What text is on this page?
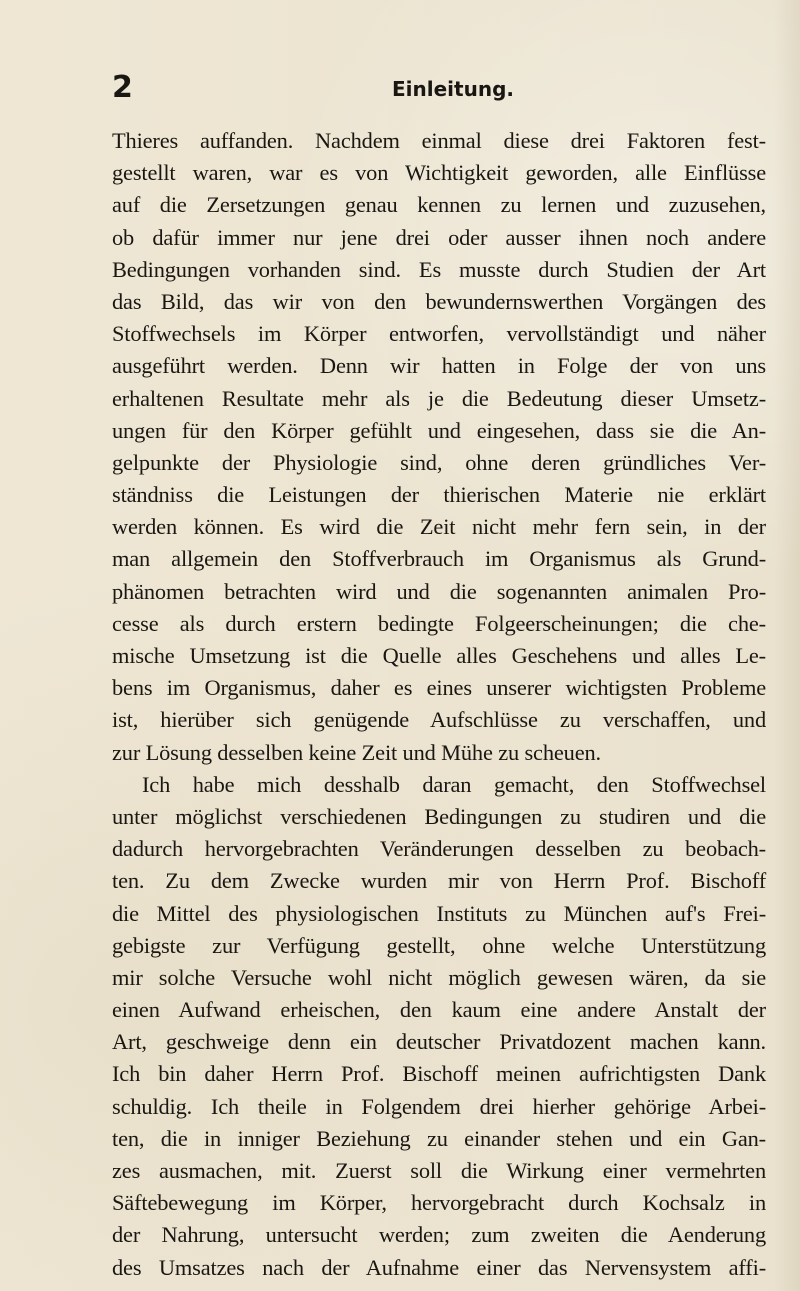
2	Einleitung.
Thieres auffanden. Nachdem einmal diese drei Faktoren fest-
gestellt waren, war es von Wichtigkeit geworden, alle Einflüsse
auf die Zersetzungen genau kennen zu lernen und zuzusehen,
ob dafür immer nur jene drei oder ausser ihnen noch andere
Bedingungen vorhanden sind. Es musste durch Studien der Art
das Bild, das wir von den bewundernswerthen Vorgängen des
Stoffwechsels im Körper entworfen, vervollständigt und näher
ausgeführt werden. Denn wir hatten in Folge der von uns
erhaltenen Resultate mehr als je die Bedeutung dieser Umsetz-
ungen für den Körper gefühlt und eingesehen, dass sie die An-
gelpunkte der Physiologie sind, ohne deren gründliches Ver-
ständniss die Leistungen der thierischen Materie nie erklärt
werden können. Es wird die Zeit nicht mehr fern sein, in der
man allgemein den Stoffverbrauch im Organismus als Grund-
phänomen betrachten wird und die sogenannten animalen Pro-
cesse als durch erstern bedingte Folgeerscheinungen; die che-
mische Umsetzung ist die Quelle alles Geschehens und alles Le-
bens im Organismus, daher es eines unserer wichtigsten Probleme
ist, hierüber sich genügende Aufschlüsse zu verschaffen, und
zur Lösung desselben keine Zeit und Mühe zu scheuen.
Ich habe mich desshalb daran gemacht, den Stoffwechsel
unter möglichst verschiedenen Bedingungen zu studiren und die
dadurch hervorgebrachten Veränderungen desselben zu beobach-
ten. Zu dem Zwecke wurden mir von Herrn Prof. Bischoff
die Mittel des physiologischen Instituts zu München auf's Frei-
gebigste zur Verfügung gestellt, ohne welche Unterstützung
mir solche Versuche wohl nicht möglich gewesen wären, da sie
einen Aufwand erheischen, den kaum eine andere Anstalt der
Art, geschweige denn ein deutscher Privatdozent machen kann.
Ich bin daher Herrn Prof. Bischoff meinen aufrichtigsten Dank
schuldig. Ich theile in Folgendem drei hierher gehörige Arbei-
ten, die in inniger Beziehung zu einander stehen und ein Gan-
zes ausmachen, mit. Zuerst soll die Wirkung einer vermehrten
Säftebewegung im Körper, hervorgebracht durch Kochsalz in
der Nahrung, untersucht werden; zum zweiten die Aenderung
des Umsatzes nach der Aufnahme einer das Nervensystem affi-
